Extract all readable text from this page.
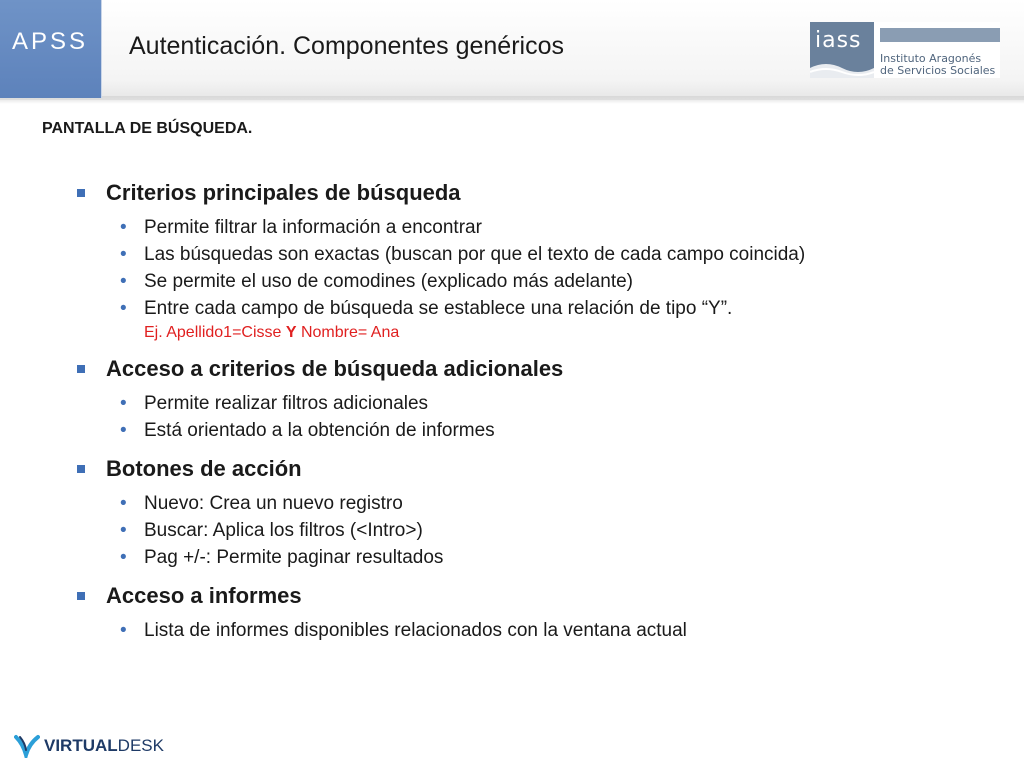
APSS Autenticación. Componentes genéricos	iass
Instituto Aragonés
de Servicios Sociales
PANTALLA DE BÚSQUEDA.
Criterios principales de búsqueda
• Permite filtrar la información a encontrar
• Las búsquedas son exactas (buscan por que el texto de cada campo coincida)
• Se permite el uso de comodines (explicado más adelante)
• Entre cada campo de búsqueda se establece una relación de tipo “Y”.
Ej. Apellido1=Cisse Y Nombre= Ana
Acceso a criterios de búsqueda adicionales
• Permite realizar filtros adicionales
• Está orientado a la obtención de informes
Botones de acción
• Nuevo: Crea un nuevo registro
• Buscar: Aplica los filtros (<Intro>)
• Pag +/-: Permite paginar resultados
Acceso a informes
• Lista de informes disponibles relacionados con la ventana actual
VIRTUALDESK
